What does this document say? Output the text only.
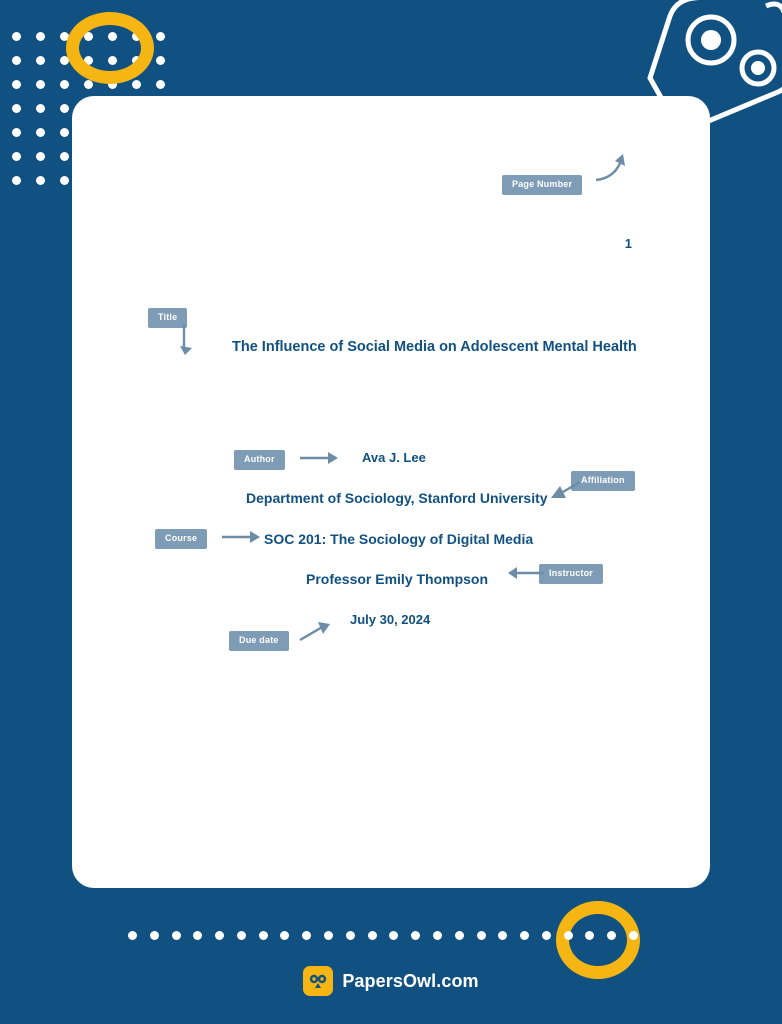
1
The Influence of Social Media on Adolescent Mental Health
Ava J. Lee
Department of Sociology, Stanford University
SOC 201: The Sociology of Digital Media
Professor Emily Thompson
July 30, 2024
Page Number
Title
Author
Affiliation
Course
Instructor
Due date
PapersOwl.com
